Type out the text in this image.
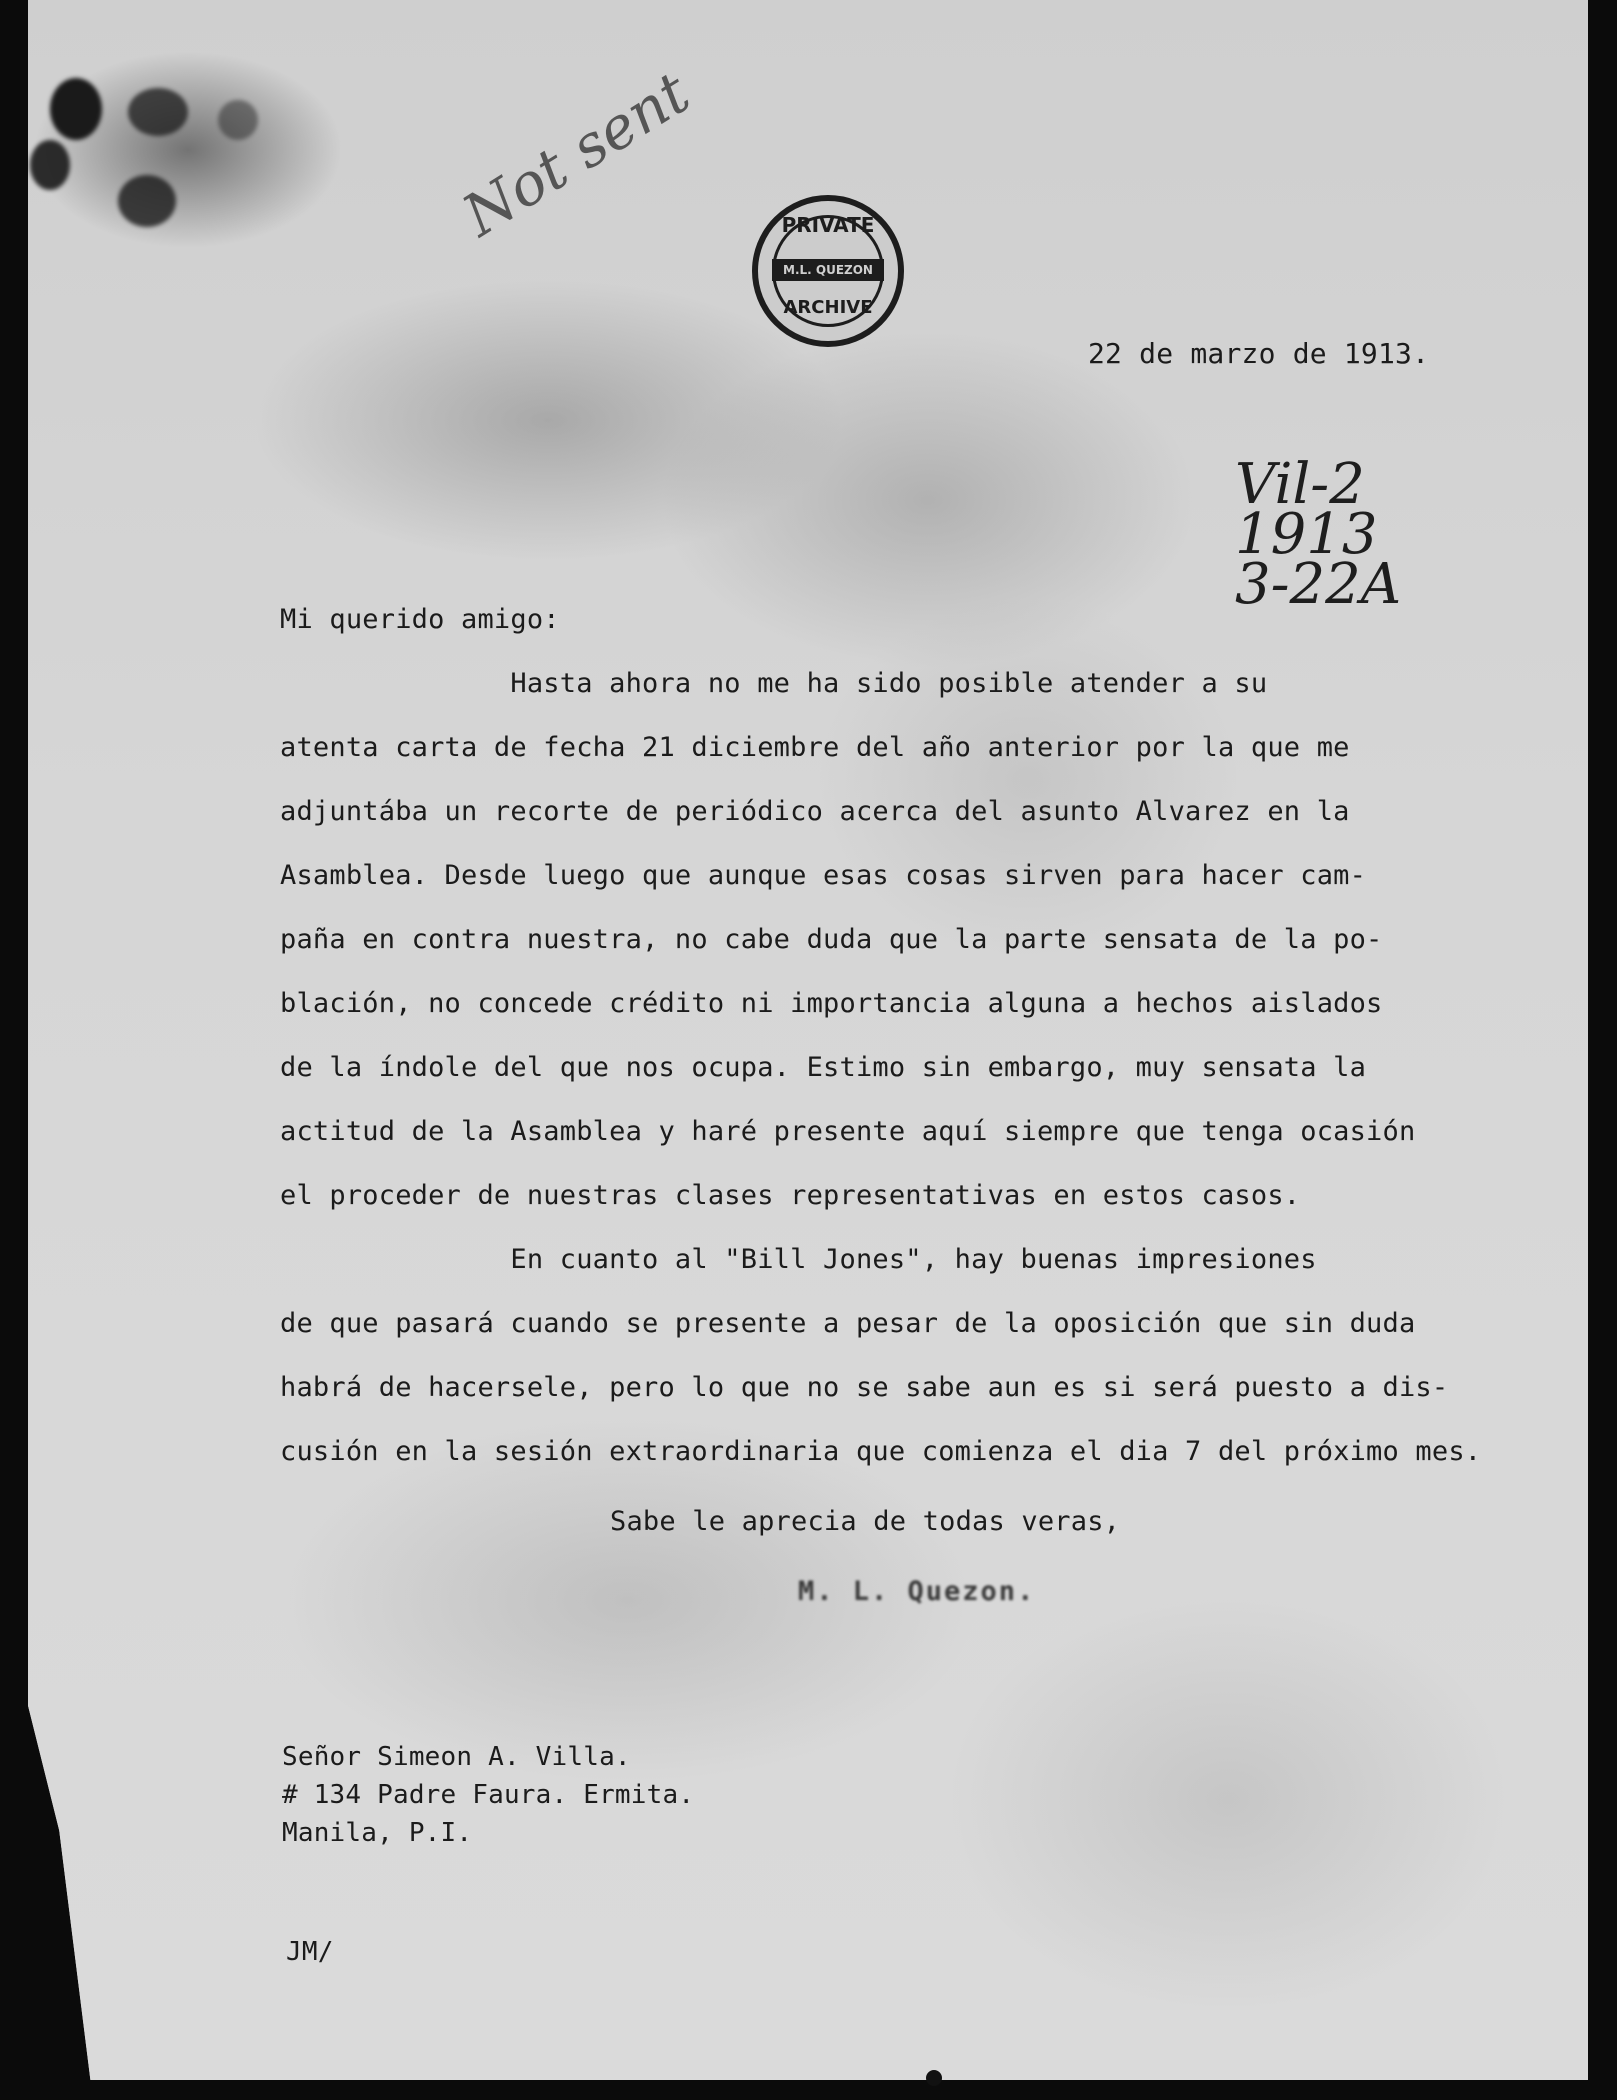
Not sent	PRIVATE
M.L. QUEZON
ARCHIVE
22 de marzo de 1913.
Vil-2
1913
3-22A
Mi querido amigo:
Hasta ahora no me ha sido posible atender a su
atenta carta de fecha 21 diciembre del año anterior por la que me
adjuntába un recorte de periódico acerca del asunto Alvarez en la
Asamblea. Desde luego que aunque esas cosas sirven para hacer cam-
paña en contra nuestra, no cabe duda que la parte sensata de la po-
blación, no concede crédito ni importancia alguna a hechos aislados
de la índole del que nos ocupa. Estimo sin embargo, muy sensata la
actitud de la Asamblea y haré presente aquí siempre que tenga ocasión
el proceder de nuestras clases representativas en estos casos.
En cuanto al "Bill Jones", hay buenas impresiones
de que pasará cuando se presente a pesar de la oposición que sin duda
habrá de hacersele, pero lo que no se sabe aun es si será puesto a dis-
cusión en la sesión extraordinaria que comienza el dia 7 del próximo mes.
Sabe le aprecia de todas veras,
M. L. Quezon.
Señor Simeon A. Villa.
# 134 Padre Faura. Ermita.
Manila, P.I.
JM/
